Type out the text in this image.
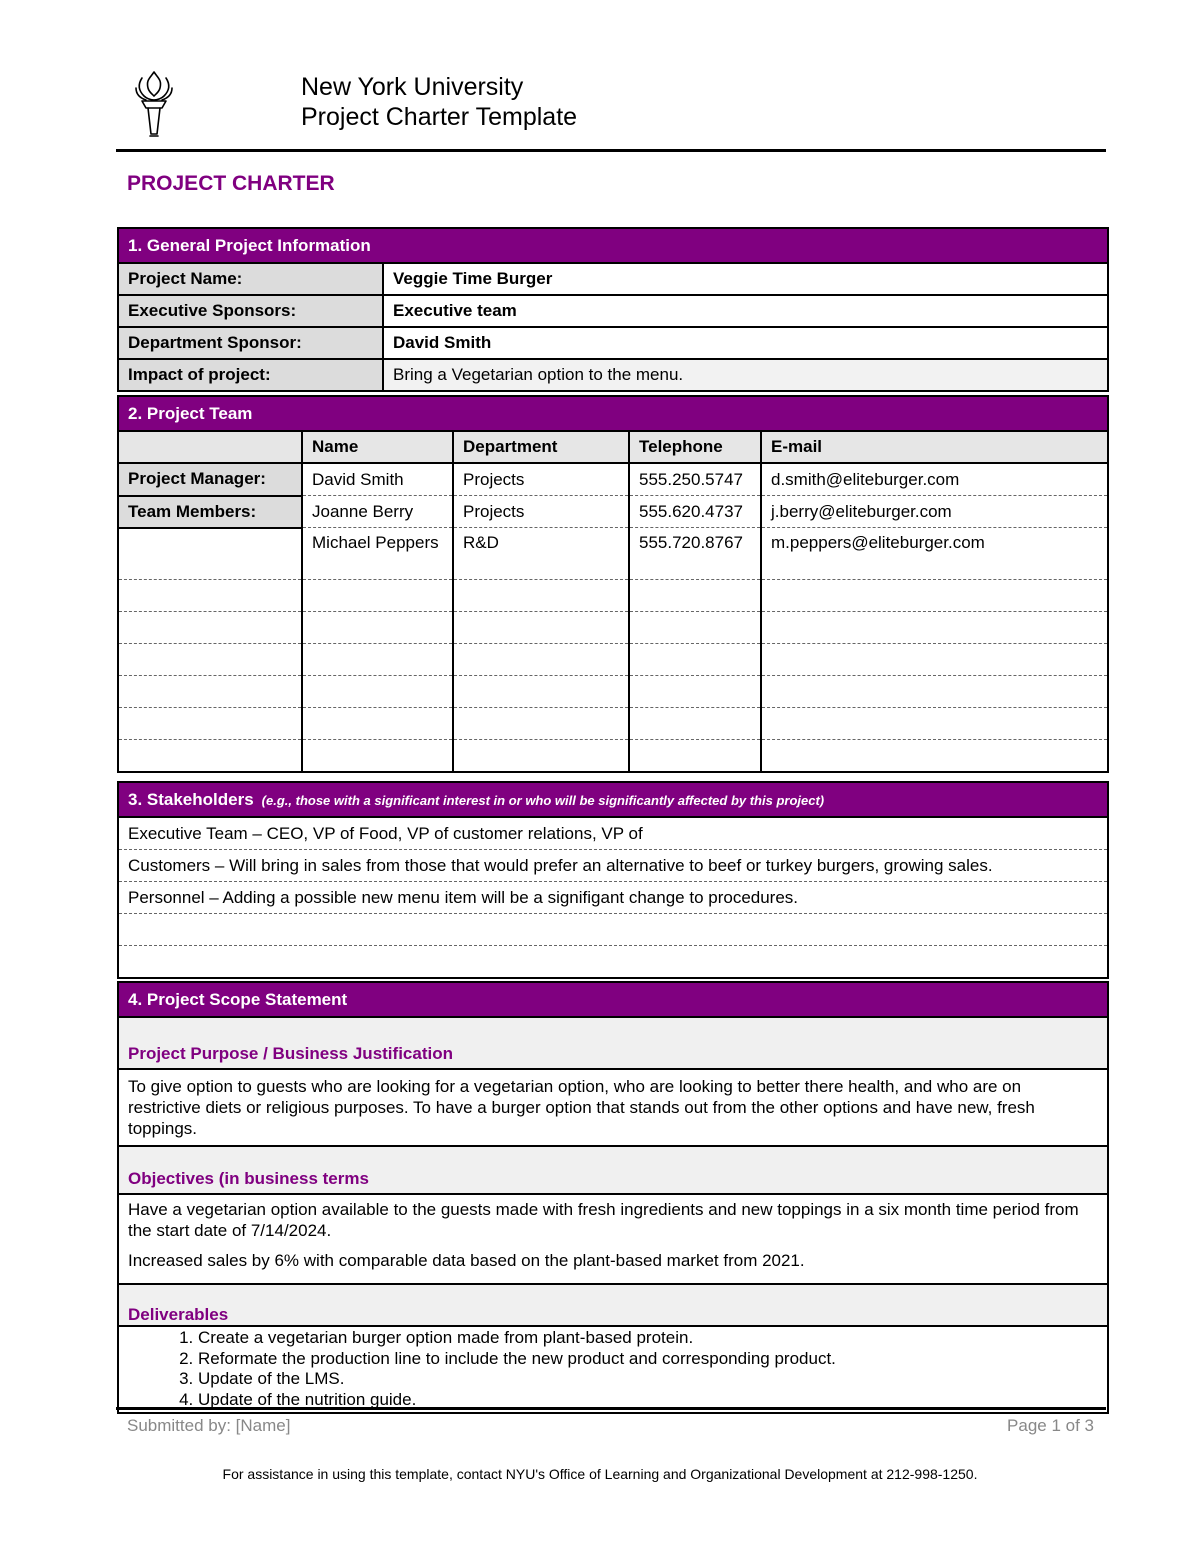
New York University
Project Charter Template
PROJECT CHARTER
1. General Project Information	
Project Name:	Veggie Time Burger
Executive Sponsors:	Executive team
Department Sponsor:	David Smith
Impact of project:	Bring a Vegetarian option to the menu.
2. Project Team				
	Name	Department	Telephone	E-mail
Project Manager:	David Smith	Projects	555.250.5747	d.smith@eliteburger.com
Team Members:	Joanne Berry	Projects	555.620.4737	j.berry@eliteburger.com
	Michael Peppers	R&D	555.720.8767	m.peppers@eliteburger.com

3. Stakeholders (e.g., those with a significant interest in or who will be significantly affected by this project)
Executive Team – CEO, VP of Food, VP of customer relations, VP of
Customers – Will bring in sales from those that would prefer an alternative to beef or turkey burgers, growing sales.
Personnel – Adding a possible new menu item will be a signifigant change to procedures.

4. Project Scope Statement
Project Purpose / Business Justification
To give option to guests who are looking for a vegetarian option, who are looking to better there health, and who are on restrictive diets or religious purposes. To have a burger option that stands out from the other options and have new, fresh toppings.
Objectives (in business terms

Have a vegetarian option available to the guests made with fresh ingredients and new toppings in a six month time period from the start date of 7/14/2024.

Increased sales by 6% with comparable data based on the plant-based market from 2021.

Deliverables

1. Create a vegetarian burger option made from plant-based protein.
2. Reformate the production line to include the new product and corresponding product.
3. Update of the LMS.
4. Update of the nutrition guide.
Submitted by: [Name]	Page 1 of 3
For assistance in using this template, contact NYU's Office of Learning and Organizational Development at 212-998-1250.
